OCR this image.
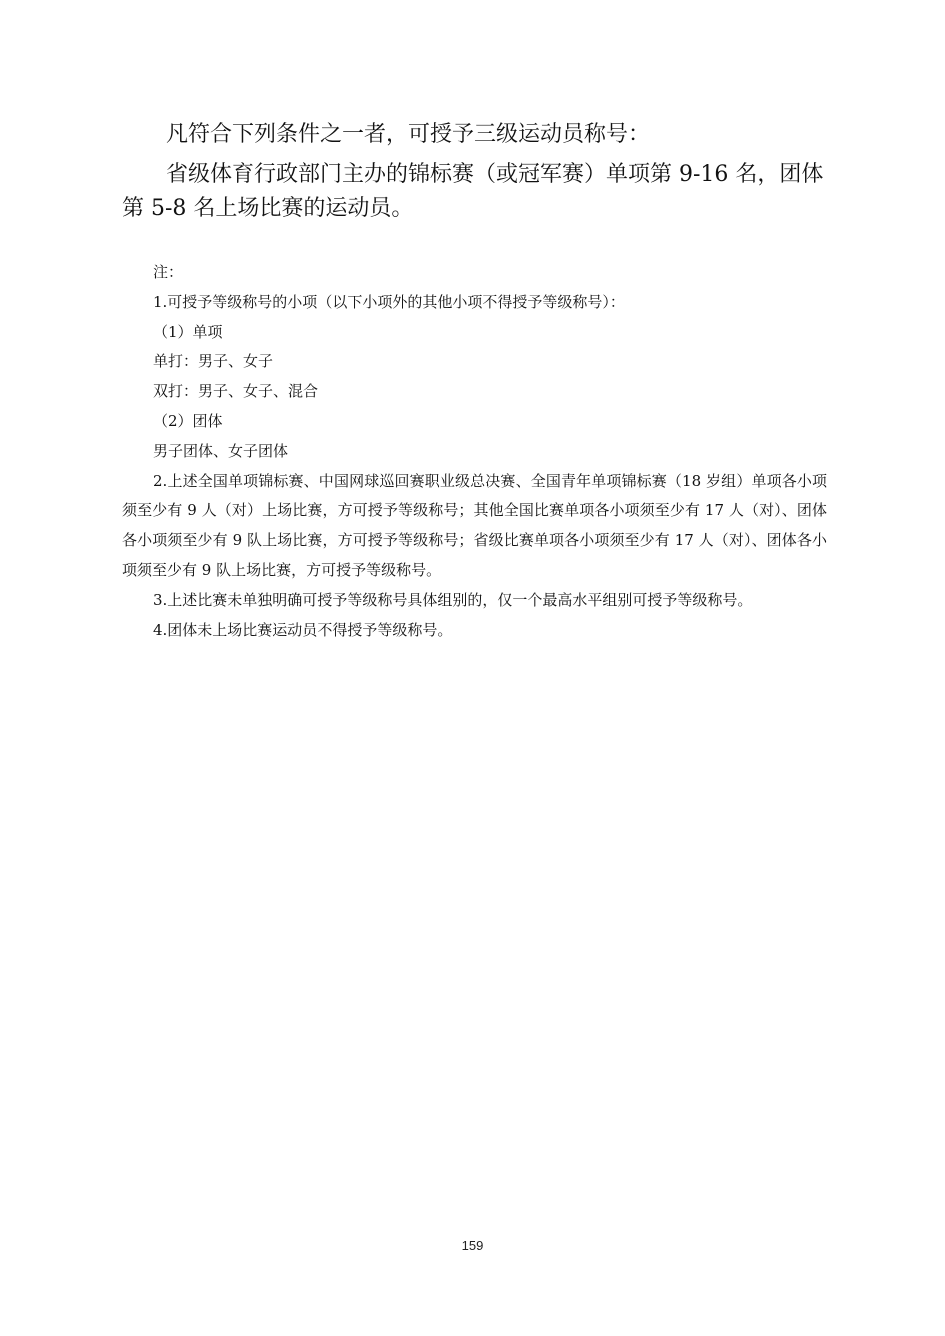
凡符合下列条件之一者，可授予三级运动员称号：

省级体育行政部门主办的锦标赛（或冠军赛）单项第 9-16 名，团体第 5-8 名上场比赛的运动员。

注：

1.可授予等级称号的小项（以下小项外的其他小项不得授予等级称号）：

（1）单项

单打：男子、女子

双打：男子、女子、混合

（2）团体

男子团体、女子团体

2.上述全国单项锦标赛、中国网球巡回赛职业级总决赛、全国青年单项锦标赛（18 岁组）单项各小项须至少有 9 人（对）上场比赛，方可授予等级称号；其他全国比赛单项各小项须至少有 17 人（对）、团体各小项须至少有 9 队上场比赛，方可授予等级称号；省级比赛单项各小项须至少有 17 人（对）、团体各小项须至少有 9 队上场比赛，方可授予等级称号。

3.上述比赛未单独明确可授予等级称号具体组别的，仅一个最高水平组别可授予等级称号。

4.团体未上场比赛运动员不得授予等级称号。

159
